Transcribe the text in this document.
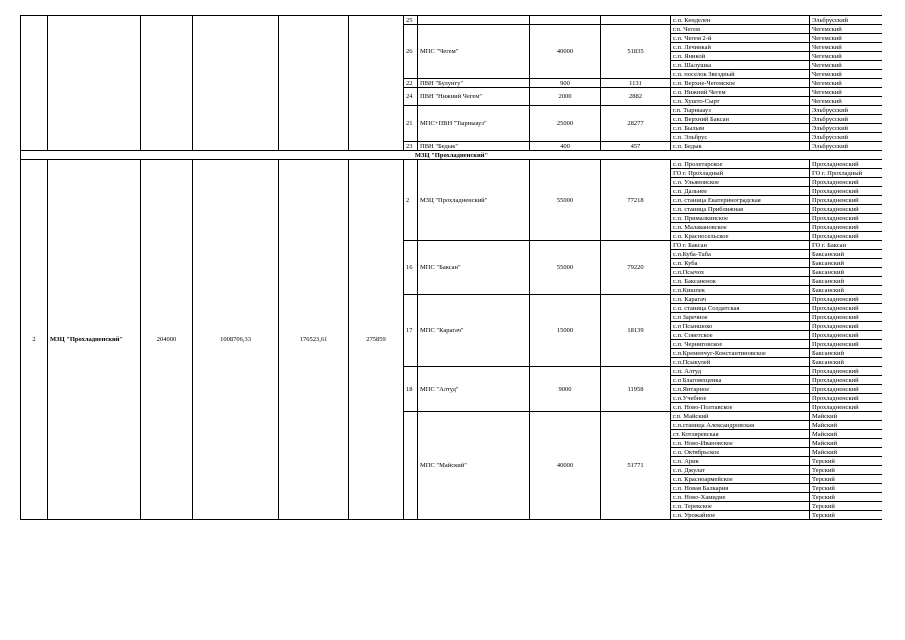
						25				с.п. Кенделен	Эльбрусский	
						26	МПС "Чегем"	40000	51835	г.п. Чегем	Чегемский	
										с.п. Чегем 2-й	Чегемский	
										с.п. Лечинкай	Чегемский	
										с.п. Яникой	Чегемский	
										с.п. Шалушка	Чегемский	
										с.п. поселок Звездный	Чегемский	
						22	ПВН "Булунгу"	900	1131	с.п. Верхне-Чегемское	Чегемский	
						24	ПВН "Нижний Чегем"	2000	2882	с.п. Нижний Чегем	Чегемский	
										с.п. Хушто-Сырт	Чегемский	
						21	МПС+ПВН "Тырныауз"	25000	28277	г.п. Тырныауз	Эльбрусский	
										с.п. Верхний Баксан	Эльбрусский	
										с.п. Былым	Эльбрусский	
										с.п. Эльбрус	Эльбрусский	
						23	ПВН "Бедык"	400	457	с.п. Бедык	Эльбрусский	
МЗЦ "Прохладненский"												
2	МЗЦ "Прохладненский"	204000	1008706,33	176523,61	275859	2	МЗЦ "Прохладненский"	55000	77218	с.п. Пролетарское	Прохладненский	
										ГО г. Прохладный	ГО г. Прохладный	
										с.п. Ульяновское	Прохладненский	
										с.п. Дальнее	Прохладненский	
										с.п. станица Екатериноградская	Прохладненский	
										с.п. станица Приближная	Прохладненский	
										с.п. Прималкинское	Прохладненский	
										с.п. Малакановское	Прохладненский	
										с.п. Красносельское	Прохладненский	
						16	МПС "Баксан"	55000	79220	ГО г. Баксан	ГО г. Баксан	
										с.п.Куба-Таба	Баксанский	
										с.п. Куба	Баксанский	
										с.п.Псычох	Баксанский	
										с.п. Баксаненок	Баксанский	
										с.п.Кишпек	Баксанский	
						17	МПС "Карагач"	15000	18139	с.п. Карагач	Прохладненский	
										с.п. станица Солдатская	Прохладненский	
										с.п Заречное	Прохладненский	
										с.п Псыншоко	Прохладненский	
										с.п. Советское	Прохладненский	
										с.п. Черниговское	Прохладненский	
										с.п.Кременчуг-Константиновское	Баксанский	
										с.п.Псыкулей	Баксанский	
						18	МПС "Алтуд"	9000	11958	с.п. Алтуд	Прохладненский	
										с.п Благовещенка	Прохладненский	
										с.п.Янтарное	Прохладненский	
										с.п.Учебное	Прохладненский	
										с.п. Ново-Полтавское	Прохладненский	
							МПС "Майский"	40000	51771	г.п. Майский	Майский	
										с.п.станица Александровская	Майский	
										ст. Котляревская	Майский	
										с.п. Ново-Ивановское	Майский	
										с.п. Октябрьское	Майский	
										с.п. Арик	Терский	
										с.п. Джулат	Терский	
										с.п. Красноармейское	Терский	
										с.п. Новая Балкария	Терский	
										с.п. Ново-Хамидие	Терский	
										с.п. Терекское	Терский	
										с.п. Урожайное	Терский	
